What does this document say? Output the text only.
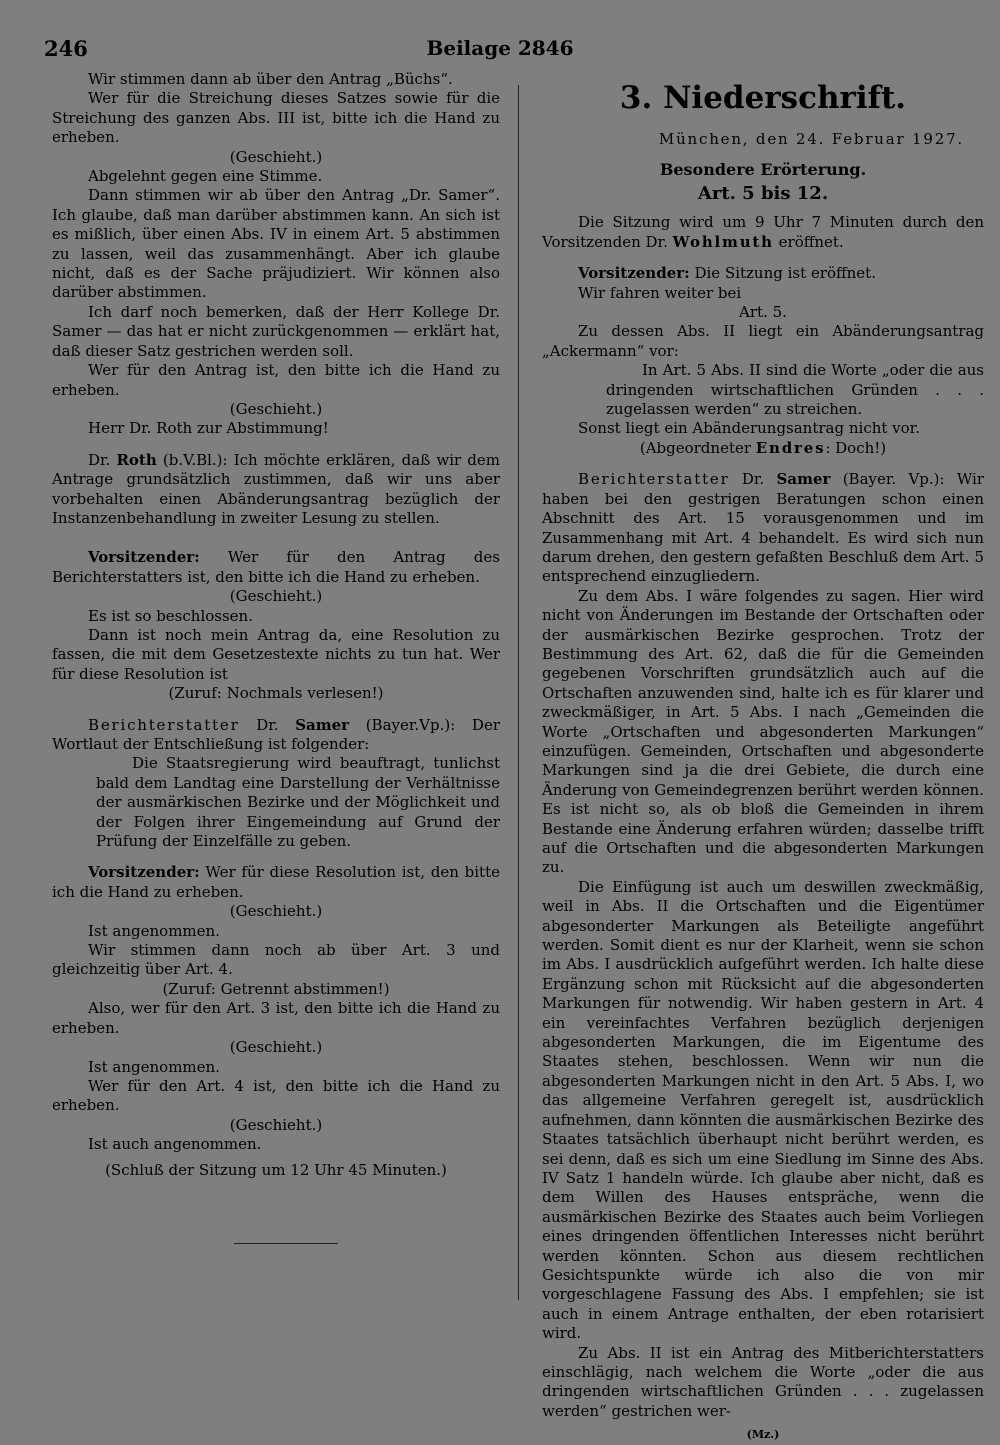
246	Beilage 2846

Wir stimmen dann ab über den Antrag „Büchs“.

Wer für die Streichung dieses Satzes sowie für die Streichung des ganzen Abs. III ist, bitte ich die Hand zu erheben.

(Geschieht.)

Abgelehnt gegen eine Stimme.

Dann stimmen wir ab über den Antrag „Dr. Samer“. Ich glaube, daß man darüber abstimmen kann. An sich ist es mißlich, über einen Abs. IV in einem Art. 5 abstimmen zu lassen, weil das zusammenhängt. Aber ich glaube nicht, daß es der Sache präjudiziert. Wir können also darüber abstimmen.

Ich darf noch bemerken, daß der Herr Kollege Dr. Samer — das hat er nicht zurückgenommen — erklärt hat, daß dieser Satz gestrichen werden soll.

Wer für den Antrag ist, den bitte ich die Hand zu erheben.

(Geschieht.)

Herr Dr. Roth zur Abstimmung!

Dr. Roth (b.V.Bl.): Ich möchte erklären, daß wir dem Antrage grundsätzlich zustimmen, daß wir uns aber vorbehalten einen Abänderungsantrag bezüglich der Instanzenbehandlung in zweiter Lesung zu stellen.

Vorsitzender: Wer für den Antrag des Berichterstatters ist, den bitte ich die Hand zu erheben.

(Geschieht.)

Es ist so beschlossen.

Dann ist noch mein Antrag da, eine Resolution zu fassen, die mit dem Gesetzestexte nichts zu tun hat. Wer für diese Resolution ist

(Zuruf: Nochmals verlesen!)

Berichterstatter Dr. Samer (Bayer.Vp.): Der Wortlaut der Entschließung ist folgender:

Die Staatsregierung wird beauftragt, tunlichst bald dem Landtag eine Darstellung der Verhältnisse der ausmärkischen Bezirke und der Möglichkeit und der Folgen ihrer Eingemeindung auf Grund der Prüfung der Einzelfälle zu geben.

Vorsitzender: Wer für diese Resolution ist, den bitte ich die Hand zu erheben.

(Geschieht.)

Ist angenommen.

Wir stimmen dann noch ab über Art. 3 und gleichzeitig über Art. 4.

(Zuruf: Getrennt abstimmen!)

Also, wer für den Art. 3 ist, den bitte ich die Hand zu erheben.

(Geschieht.)

Ist angenommen.

Wer für den Art. 4 ist, den bitte ich die Hand zu erheben.

(Geschieht.)

Ist auch angenommen.

(Schluß der Sitzung um 12 Uhr 45 Minuten.)

3. Niederschrift.

München, den 24. Februar 1927.

Besondere Erörterung.

Art. 5 bis 12.

Die Sitzung wird um 9 Uhr 7 Minuten durch den Vorsitzenden Dr. Wohlmuth eröffnet.

Vorsitzender: Die Sitzung ist eröffnet.

Wir fahren weiter bei

Art. 5.

Zu dessen Abs. II liegt ein Abänderungsantrag „Ackermann“ vor:

In Art. 5 Abs. II sind die Worte „oder die aus dringenden wirtschaftlichen Gründen . . . zugelassen werden“ zu streichen.

Sonst liegt ein Abänderungsantrag nicht vor.

(Abgeordneter Endres: Doch!)

Berichterstatter Dr. Samer (Bayer. Vp.): Wir haben bei den gestrigen Beratungen schon einen Abschnitt des Art. 15 vorausgenommen und im Zusammenhang mit Art. 4 behandelt. Es wird sich nun darum drehen, den gestern gefaßten Beschluß dem Art. 5 entsprechend einzugliedern.

Zu dem Abs. I wäre folgendes zu sagen. Hier wird nicht von Änderungen im Bestande der Ortschaften oder der ausmärkischen Bezirke gesprochen. Trotz der Bestimmung des Art. 62, daß die für die Gemeinden gegebenen Vorschriften grundsätzlich auch auf die Ortschaften anzuwenden sind, halte ich es für klarer und zweckmäßiger, in Art. 5 Abs. I nach „Gemeinden die Worte „Ortschaften und abgesonderten Markungen“ einzufügen. Gemeinden, Ortschaften und abgesonderte Markungen sind ja die drei Gebiete, die durch eine Änderung von Gemeindegrenzen berührt werden können. Es ist nicht so, als ob bloß die Gemeinden in ihrem Bestande eine Änderung erfahren würden; dasselbe trifft auf die Ortschaften und die abgesonderten Markungen zu.

Die Einfügung ist auch um deswillen zweckmäßig, weil in Abs. II die Ortschaften und die Eigentümer abgesonderter Markungen als Beteiligte angeführt werden. Somit dient es nur der Klarheit, wenn sie schon im Abs. I ausdrücklich aufgeführt werden. Ich halte diese Ergänzung schon mit Rücksicht auf die abgesonderten Markungen für notwendig. Wir haben gestern in Art. 4 ein vereinfachtes Verfahren bezüglich derjenigen abgesonderten Markungen, die im Eigentume des Staates stehen, beschlossen. Wenn wir nun die abgesonderten Markungen nicht in den Art. 5 Abs. I, wo das allgemeine Verfahren geregelt ist, ausdrücklich aufnehmen, dann könnten die ausmärkischen Bezirke des Staates tatsächlich überhaupt nicht berührt werden, es sei denn, daß es sich um eine Siedlung im Sinne des Abs. IV Satz 1 handeln würde. Ich glaube aber nicht, daß es dem Willen des Hauses entspräche, wenn die ausmärkischen Bezirke des Staates auch beim Vorliegen eines dringenden öffentlichen Interesses nicht berührt werden könnten. Schon aus diesem rechtlichen Gesichtspunkte würde ich also die von mir vorgeschlagene Fassung des Abs. I empfehlen; sie ist auch in einem Antrage enthalten, der eben rotarisiert wird.

Zu Abs. II ist ein Antrag des Mitberichterstatters einschlägig, nach welchem die Worte „oder die aus dringenden wirtschaftlichen Gründen . . . zugelassen werden“ gestrichen wer-

(Mz.)
